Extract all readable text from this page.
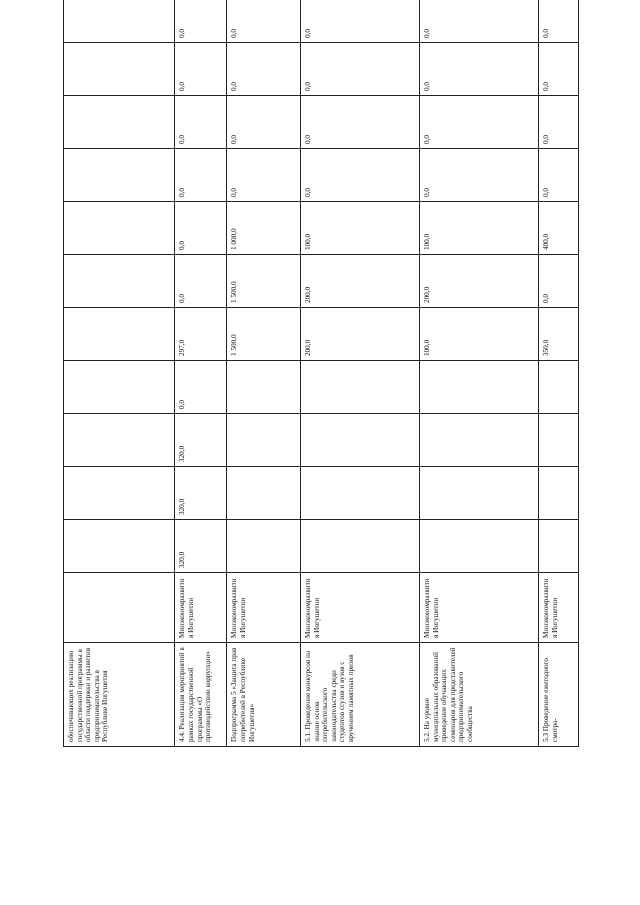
обеспечивающих реализацию государственной программы в области поддержки и развития предпринимательства в Республике Ингушетия												
4.4. Реализация мероприятий в рамках государственной программы «О противодействии коррупции»	Минэкономразвития Ингушетии	320,0	320,0	320,0	0,0	297,0	0,0	0,0	0,0	0,0	0,0	0,0
Подпрограмма 5 «Защита прав потребителей в Республике Ингушетия»	Минэкономразвития Ингушетии					1 500,0	1 500,0	1 000,0	0,0	0,0	0,0	0,0
5.1. Проведение конкурсов на знание основ потребительского законодательства среди студентов ссузов и вузов с вручением памятных призов	Минэкономразвития Ингушетии					200,0	200,0	100,0	0,0	0,0	0,0	0,0
5.2. На уровне муниципальных образований проведение обучающих семинаров для представителей предпринимательского сообщества	Минэкономразвития Ингушетии					100,0	200,0	100,0	0,0	0,0	0,0	0,0
5.3 Проведение ежегодного смотра-	Минэкономразвития Ингушетии					350,0	0,0	400,0	0,0	0,0	0,0	0,0
